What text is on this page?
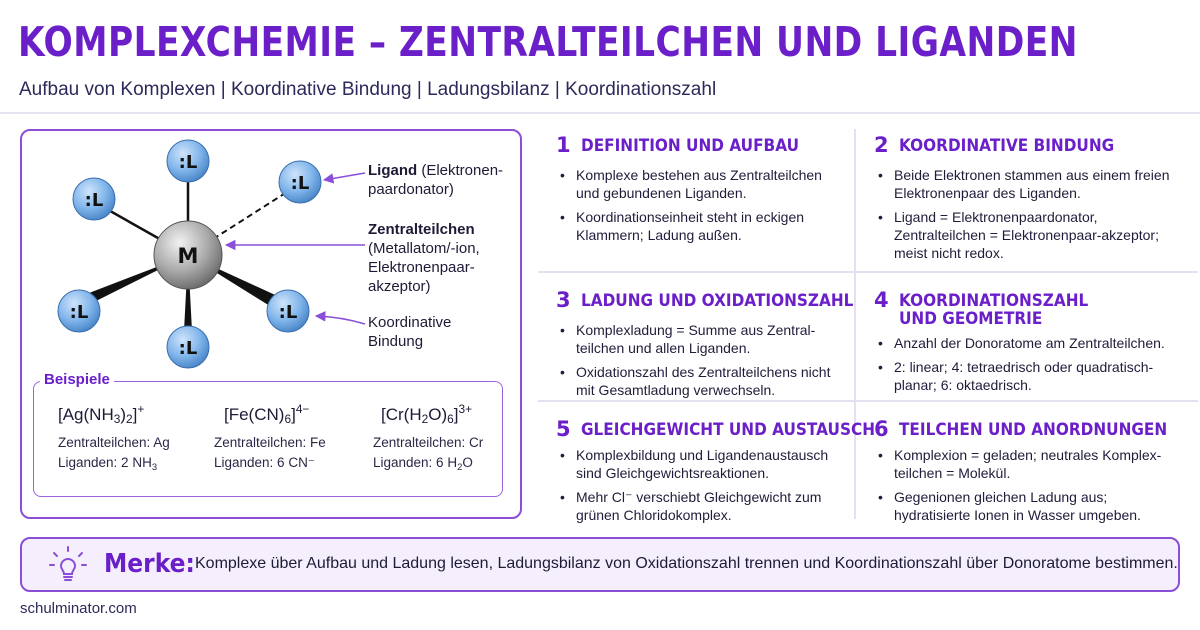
KOMPLEXCHEMIE – ZENTRALTEILCHEN UND LIGANDEN
Aufbau von Komplexen | Koordinative Bindung | Ladungsbilanz | Koordinationszahl
:L
:L
:L
:L	:L
:L
M
Ligand (Elektronen-
paardonator)
Zentralteilchen
(Metallatom/-ion,
Elektronenpaar-
akzeptor)
Koordinative
Bindung
Beispiele
$[Ag(NH_3)_2]^+$
Zentralteilchen: Ag
Liganden: 2 $NH_3$
$[Fe(CN)_6]^{4-}$
Zentralteilchen: Fe
Liganden: 6 CN⁻
$[Cr(H_2O)_6]^{3+}$
Zentralteilchen: Cr
Liganden: 6 $H_2O$
1 DEFINITION UND AUFBAU
• Komplexe bestehen aus Zentralteilchen und gebundenen Liganden.
• Koordinationseinheit steht in eckigen Klammern; Ladung außen.
2 KOORDINATIVE BINDUNG
• Beide Elektronen stammen aus einem freien Elektronenpaar des Liganden.
• Ligand = Elektronenpaardonator, Zentralteilchen = Elektronenpaar-akzeptor; meist nicht redox.
3 LADUNG UND OXIDATIONSZAHL
• Komplexladung = Summe aus Zentral-teilchen und allen Liganden.
• Oxidationszahl des Zentralteilchens nicht mit Gesamtladung verwechseln.
4 KOORDINATIONSZAHL
UND GEOMETRIE
• Anzahl der Donoratome am Zentralteilchen.
• 2: linear; 4: tetraedrisch oder quadratisch-planar; 6: oktaedrisch.
5 GLEICHGEWICHT UND AUSTAUSCH
• Komplexbildung und Ligandenaustausch sind Gleichgewichtsreaktionen.
• Mehr Cl⁻ verschiebt Gleichgewicht zum grünen Chloridokomplex.
6 TEILCHEN UND ANORDNUNGEN
• Komplexion = geladen; neutrales Komplex-teilchen = Molekül.
• Gegenionen gleichen Ladung aus; hydratisierte Ionen in Wasser umgeben.
Merke: Komplexe über Aufbau und Ladung lesen, Ladungsbilanz von Oxidationszahl trennen und Koordinationszahl über Donoratome bestimmen.
schulminator.com
